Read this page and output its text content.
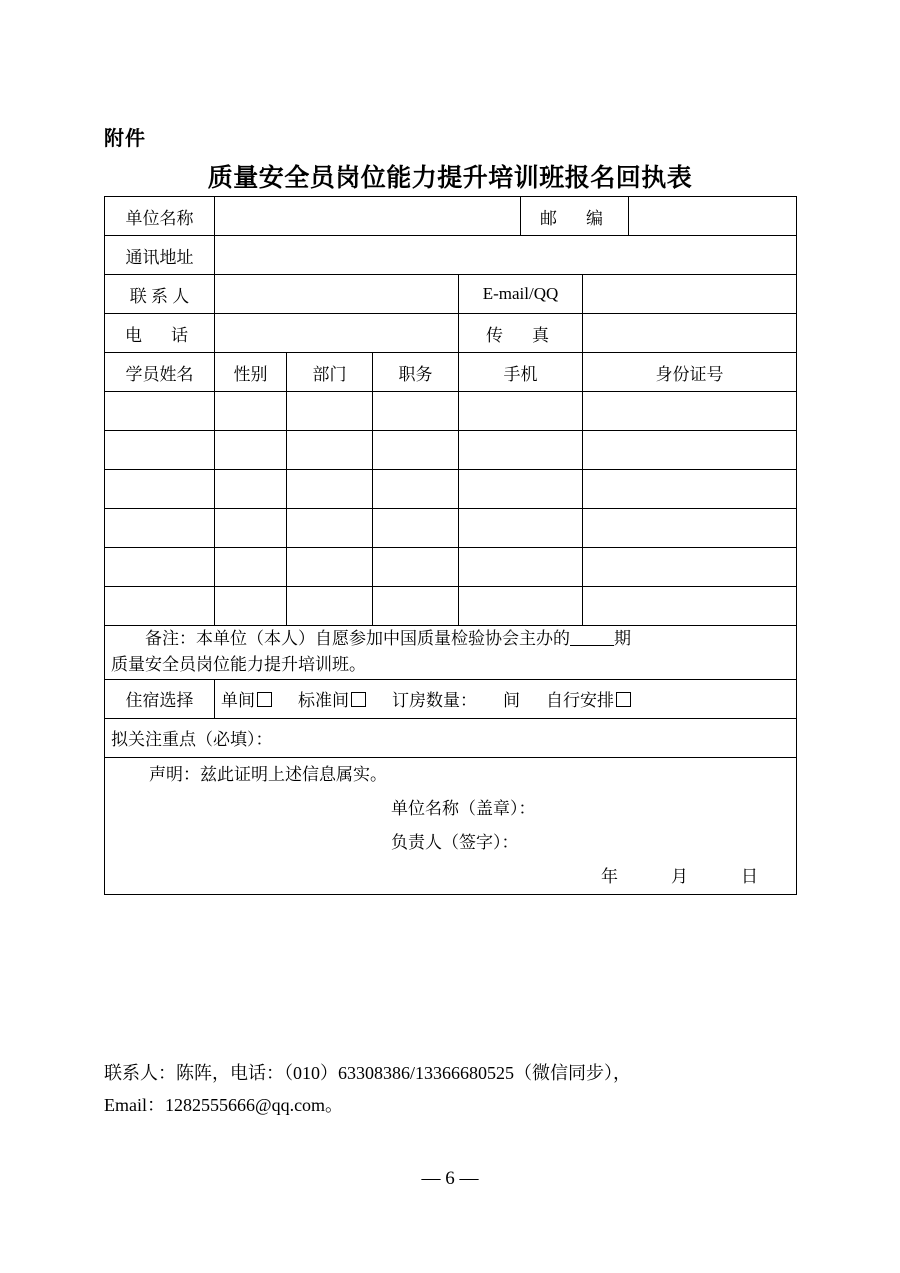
附件
质量安全员岗位能力提升培训班报名回执表
单位名称					邮　编		
通讯地址							
联 系 人				E-mail/QQ			
电　话				传　真			
学员姓名	性别	部门	职务	手机		身份证号	

备注：本单位（本人）自愿参加中国质量检验协会主办的 期
质量安全员岗位能力提升培训班。							

住宿选择	单间 标准间 订房数量： 间 自行安排						

拟关注重点（必填）：							

声明：兹此证明上述信息属实。
单位名称（盖章）：
负责人（签字）：
年　月　日							
联系人：陈阵，电话：（010）63308386/13366680525（微信同步），
Email：1282555666@qq.com。
— 6 —
